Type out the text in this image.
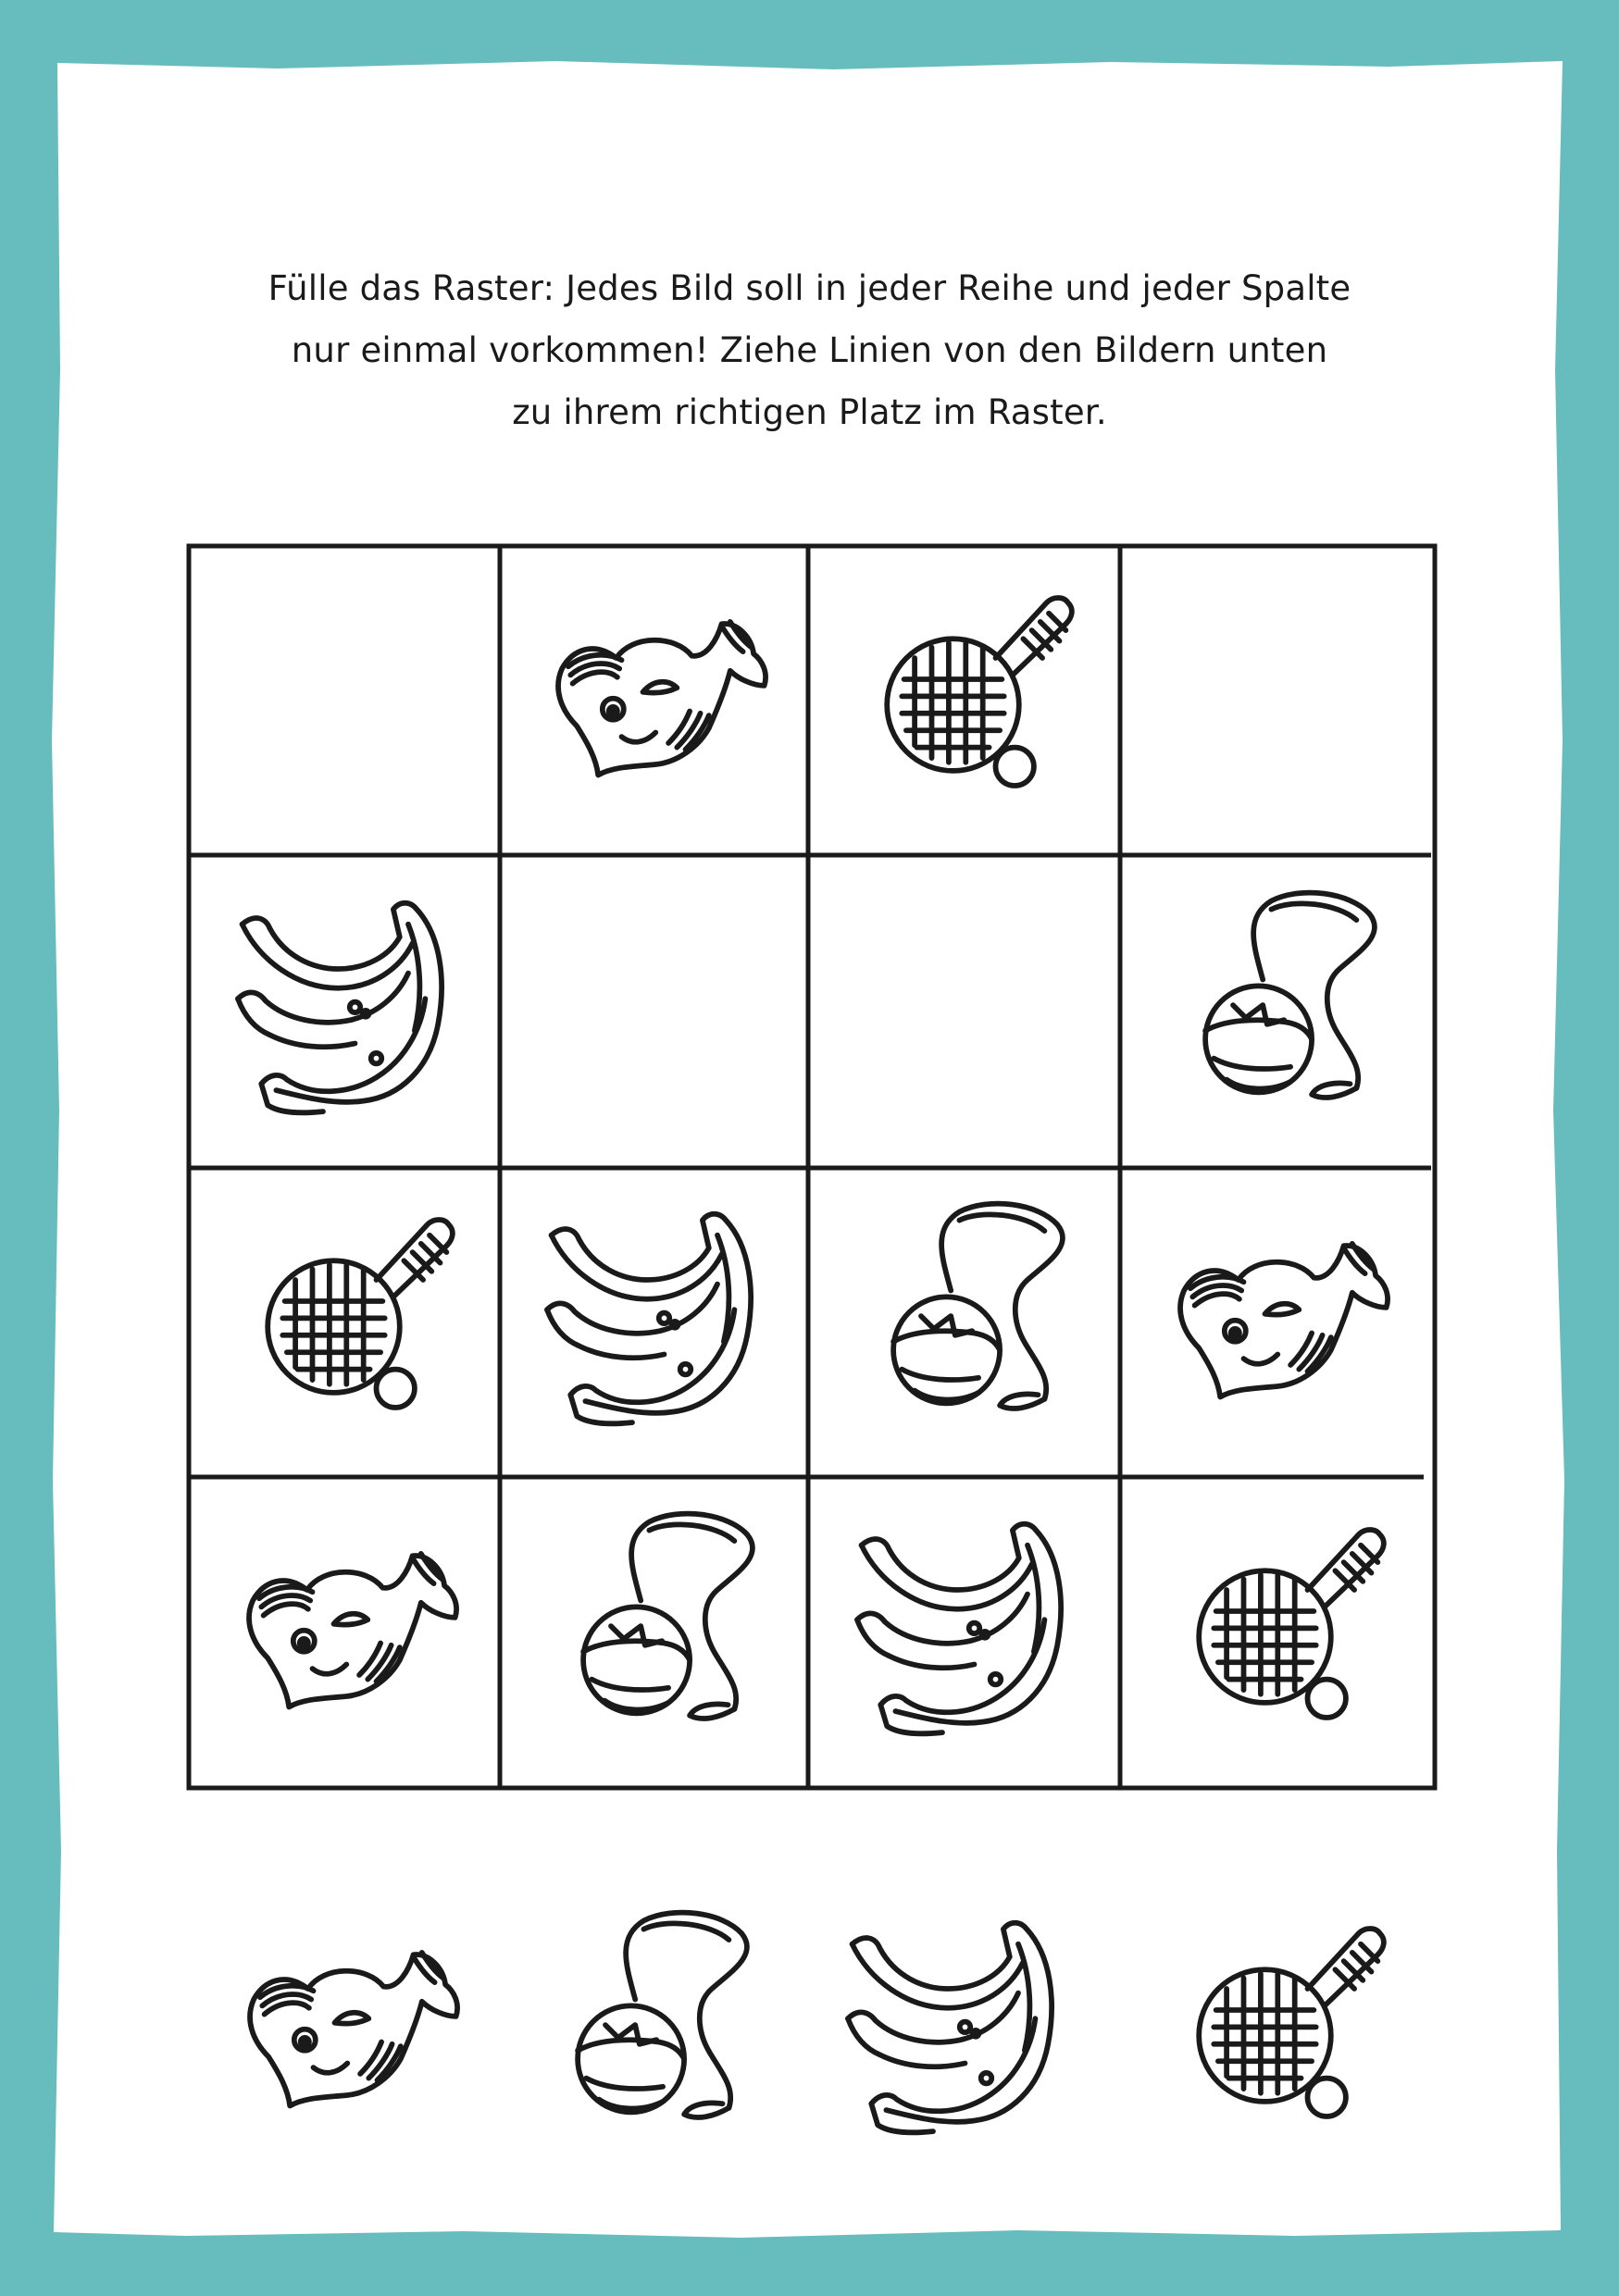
Fülle das Raster: Jedes Bild soll in jeder Reihe und jeder Spalte
nur einmal vorkommen! Ziehe Linien von den Bildern unten
zu ihrem richtigen Platz im Raster.
